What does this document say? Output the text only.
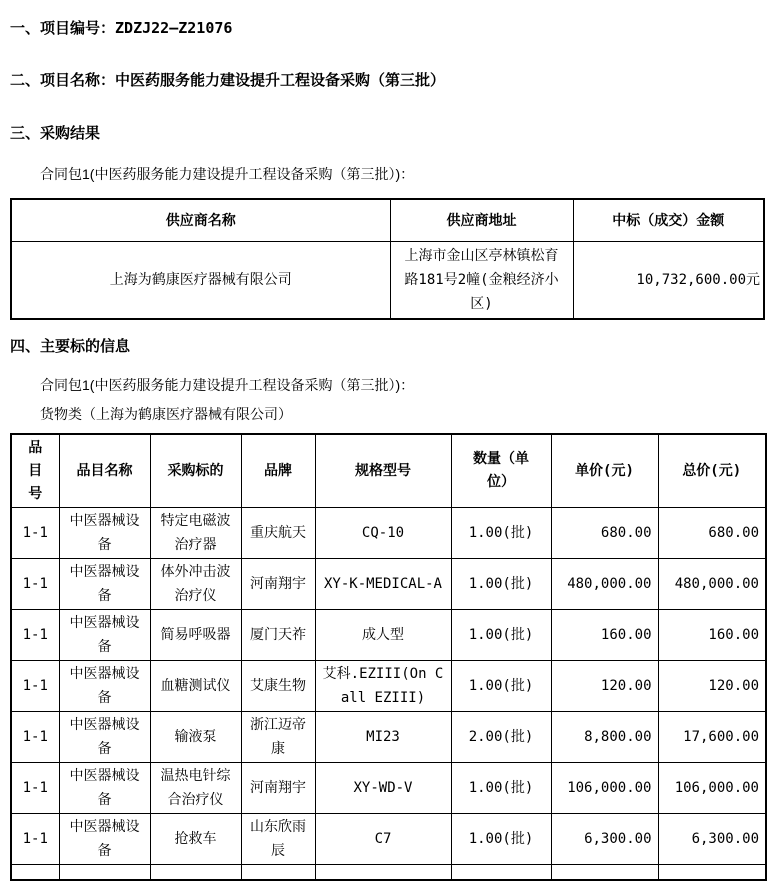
一、项目编号：ZDZJ22—Z21076

二、项目名称：中医药服务能力建设提升工程设备采购（第三批）

三、采购结果

合同包1(中医药服务能力建设提升工程设备采购（第三批）)：

供应商名称	供应商地址	中标（成交）金额
上海为鹤康医疗器械有限公司	上海市金山区亭林镇松育路181号2幢(金粮经济小区)	10,732,600.00元

四、主要标的信息

合同包1(中医药服务能力建设提升工程设备采购（第三批）)：

货物类（上海为鹤康医疗器械有限公司）

品目号	品目名称	采购标的	品牌	规格型号	数量（单位）	单价(元)	总价(元)
1-1	中医器械设备	特定电磁波治疗器	重庆航天	CQ-10	1.00(批)	680.00	680.00
1-1	中医器械设备	体外冲击波治疗仪	河南翔宇	XY-K-MEDICAL-A	1.00(批)	480,000.00	480,000.00
1-1	中医器械设备	简易呼吸器	厦门天祚	成人型	1.00(批)	160.00	160.00
1-1	中医器械设备	血糖测试仪	艾康生物	艾科.EZIII(On Call EZIII)	1.00(批)	120.00	120.00
1-1	中医器械设备	输液泵	浙江迈帝康	MI23	2.00(批)	8,800.00	17,600.00
1-1	中医器械设备	温热电针综合治疗仪	河南翔宇	XY-WD-V	1.00(批)	106,000.00	106,000.00
1-1	中医器械设备	抢救车	山东欣雨辰	C7	1.00(批)	6,300.00	6,300.00
